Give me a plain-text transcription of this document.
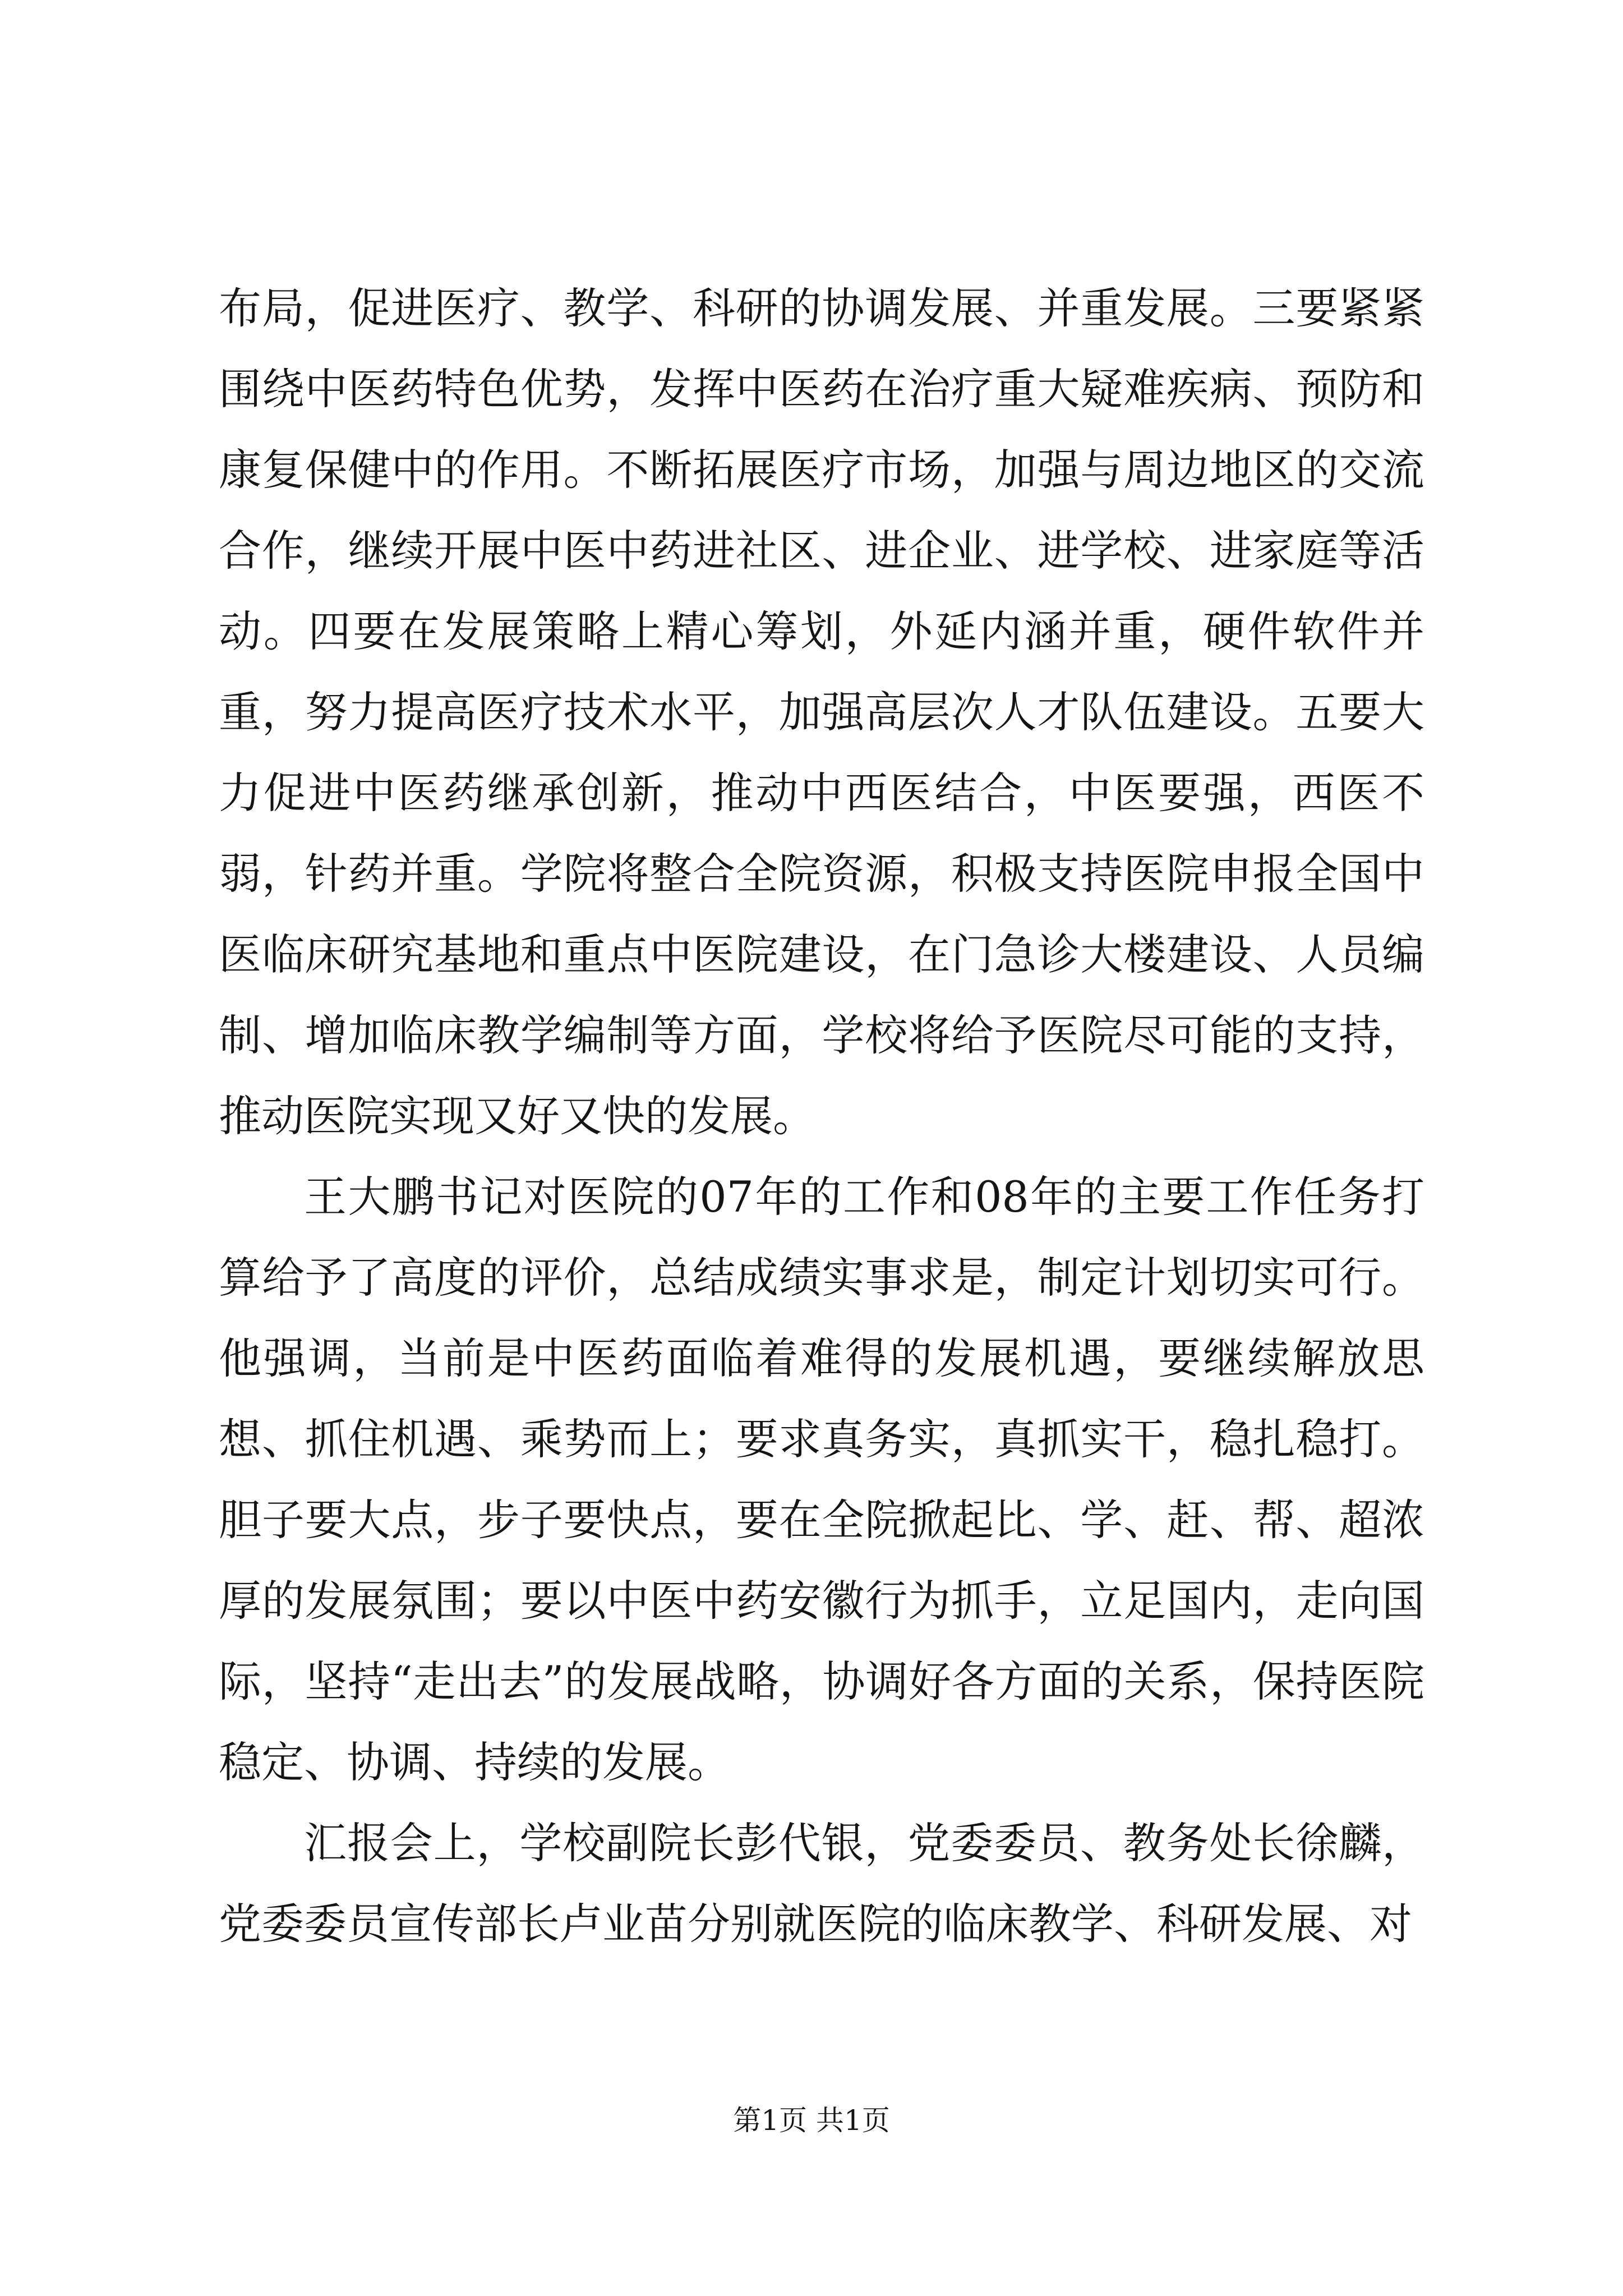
布局，促进医疗、教学、科研的协调发展、并重发展。三要紧紧围绕中医药特色优势，发挥中医药在治疗重大疑难疾病、预防和康复保健中的作用。不断拓展医疗市场，加强与周边地区的交流合作，继续开展中医中药进社区、进企业、进学校、进家庭等活动。四要在发展策略上精心筹划，外延内涵并重，硬件软件并重，努力提高医疗技术水平，加强高层次人才队伍建设。五要大力促进中医药继承创新，推动中西医结合，中医要强，西医不弱，针药并重。学院将整合全院资源，积极支持医院申报全国中医临床研究基地和重点中医院建设，在门急诊大楼建设、人员编制、增加临床教学编制等方面，学校将给予医院尽可能的支持，推动医院实现又好又快的发展。

王大鹏书记对医院的07年的工作和08年的主要工作任务打算给予了高度的评价，总结成绩实事求是，制定计划切实可行。他强调，当前是中医药面临着难得的发展机遇，要继续解放思想、抓住机遇、乘势而上；要求真务实，真抓实干，稳扎稳打。胆子要大点，步子要快点，要在全院掀起比、学、赶、帮、超浓厚的发展氛围；要以中医中药安徽行为抓手，立足国内，走向国际，坚持“走出去”的发展战略，协调好各方面的关系，保持医院稳定、协调、持续的发展。

汇报会上，学校副院长彭代银，党委委员、教务处长徐麟，党委委员宣传部长卢业苗分别就医院的临床教学、科研发展、对

第1页 共1页
